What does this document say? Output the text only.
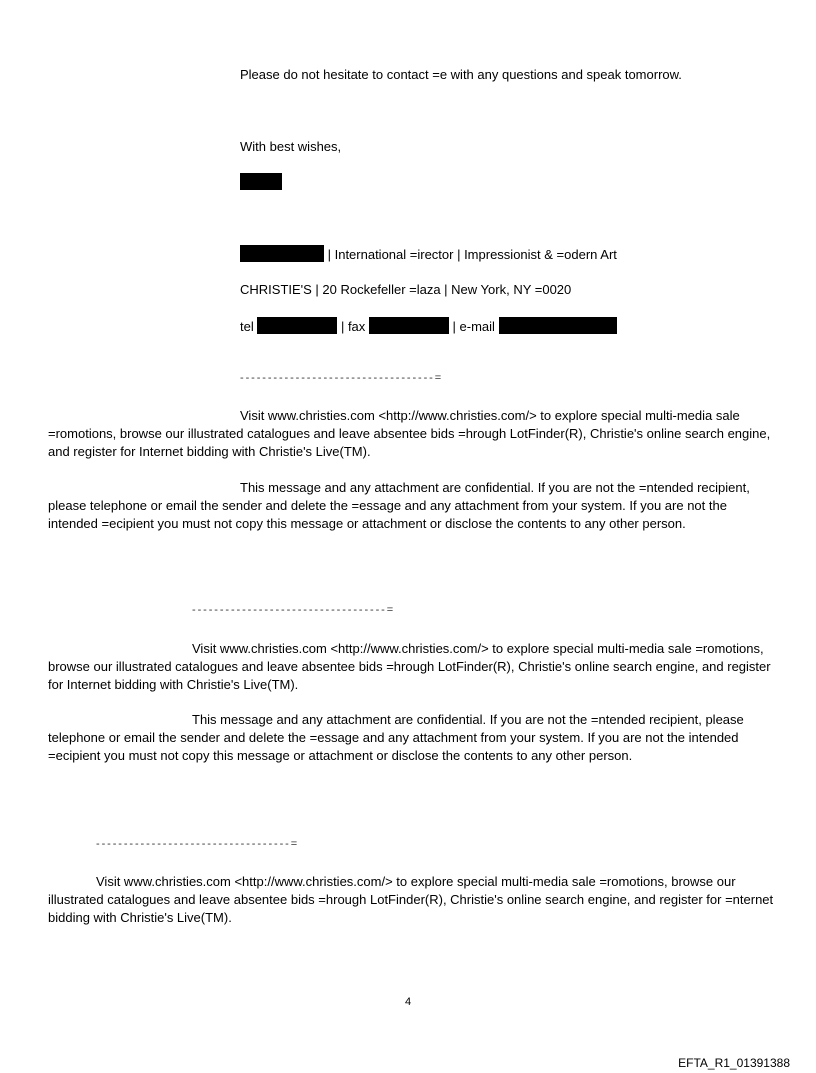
Please do not hesitate to contact =e with any questions and speak tomorrow.

With best wishes,

| International =irector | Impressionist & =odern Art

CHRISTIE'S | 20 Rockefeller =laza | New York, NY =0020

tel	| fax	| e-mail

-----------------------------------=

Visit www.christies.com <http://www.christies.com/> to explore special multi-media sale =romotions, browse our illustrated catalogues and leave absentee bids =hrough LotFinder(R), Christie's online search engine, and register for Internet bidding with Christie's Live(TM).

This message and any attachment are confidential. If you are not the =ntended recipient, please telephone or email the sender and delete the =essage and any attachment from your system. If you are not the intended =ecipient you must not copy this message or attachment or disclose the contents to any other person.

-----------------------------------=

Visit www.christies.com <http://www.christies.com/> to explore special multi-media sale =romotions, browse our illustrated catalogues and leave absentee bids =hrough LotFinder(R), Christie's online search engine, and register for Internet bidding with Christie's Live(TM).

This message and any attachment are confidential. If you are not the =ntended recipient, please telephone or email the sender and delete the =essage and any attachment from your system. If you are not the intended =ecipient you must not copy this message or attachment or disclose the contents to any other person.

-----------------------------------=

Visit www.christies.com <http://www.christies.com/> to explore special multi-media sale =romotions, browse our illustrated catalogues and leave absentee bids =hrough LotFinder(R), Christie's online search engine, and register for =nternet bidding with Christie's Live(TM).

4
EFTA_R1_01391388
